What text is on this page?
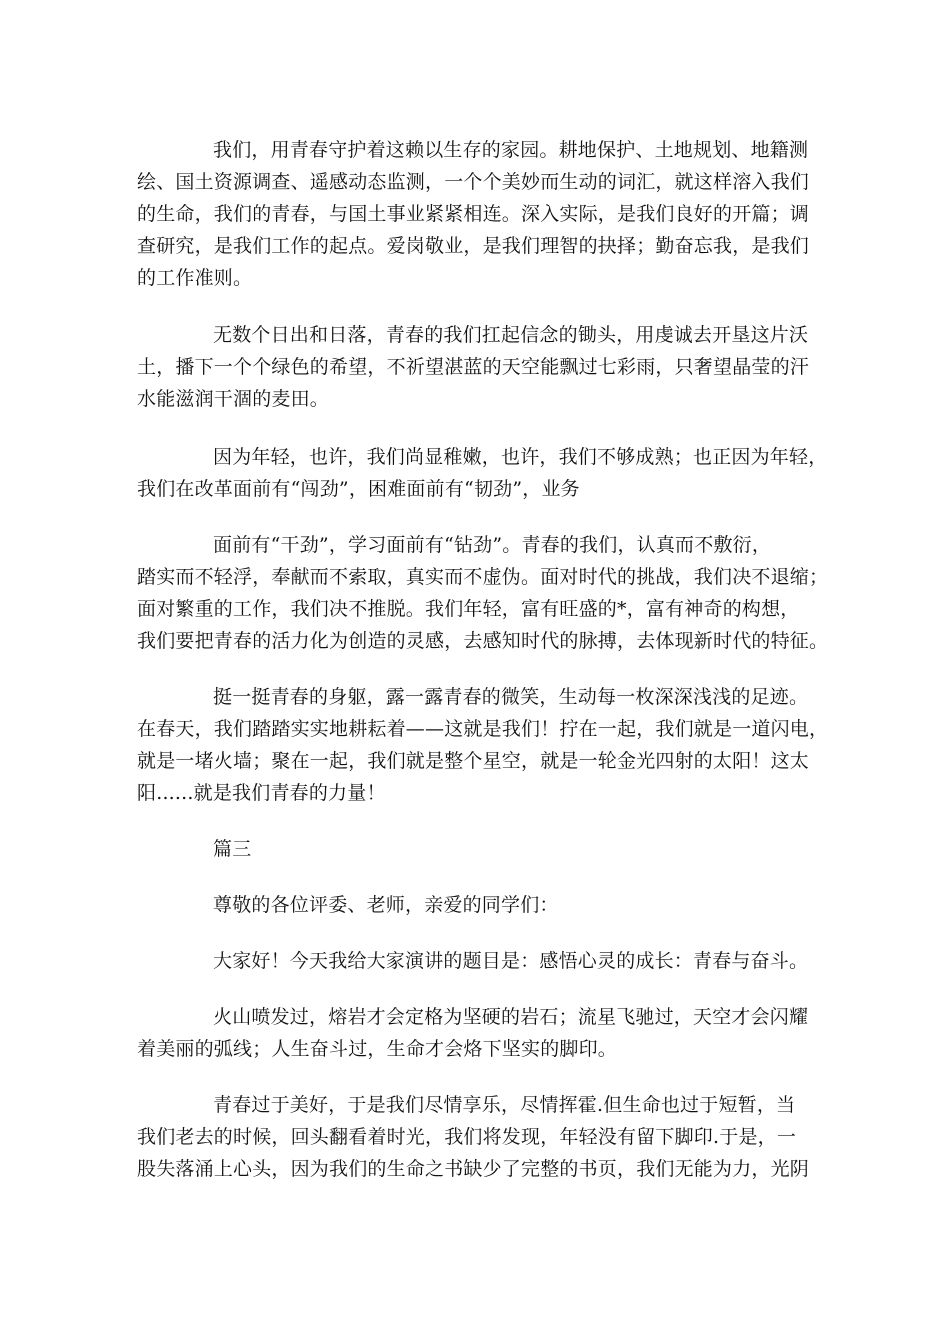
我们，用青春守护着这赖以生存的家园。耕地保护、土地规划、地籍测

绘、国土资源调查、遥感动态监测，一个个美妙而生动的词汇，就这样溶入我们

的生命，我们的青春，与国土事业紧紧相连。深入实际，是我们良好的开篇；调

查研究，是我们工作的起点。爱岗敬业，是我们理智的抉择；勤奋忘我，是我们

的工作准则。

无数个日出和日落，青春的我们扛起信念的锄头，用虔诚去开垦这片沃

土，播下一个个绿色的希望，不祈望湛蓝的天空能飘过七彩雨，只奢望晶莹的汗

水能滋润干涸的麦田。

因为年轻，也许，我们尚显稚嫩，也许，我们不够成熟；也正因为年轻，

我们在改革面前有“闯劲”，困难面前有“韧劲”，业务

面前有“干劲”，学习面前有“钻劲”。青春的我们，认真而不敷衍，

踏实而不轻浮，奉献而不索取，真实而不虚伪。面对时代的挑战，我们决不退缩；

面对繁重的工作，我们决不推脱。我们年轻，富有旺盛的*，富有神奇的构想，

我们要把青春的活力化为创造的灵感，去感知时代的脉搏，去体现新时代的特征。

挺一挺青春的身躯，露一露青春的微笑，生动每一枚深深浅浅的足迹。

在春天，我们踏踏实实地耕耘着——这就是我们！拧在一起，我们就是一道闪电，

就是一堵火墙；聚在一起，我们就是整个星空，就是一轮金光四射的太阳！这太

阳......就是我们青春的力量！

篇三

尊敬的各位评委、老师，亲爱的同学们：

大家好！今天我给大家演讲的题目是：感悟心灵的成长：青春与奋斗。

火山喷发过，熔岩才会定格为坚硬的岩石；流星飞驰过，天空才会闪耀

着美丽的弧线；人生奋斗过，生命才会烙下坚实的脚印。

青春过于美好，于是我们尽情享乐，尽情挥霍.但生命也过于短暂，当

我们老去的时候，回头翻看着时光，我们将发现，年轻没有留下脚印.于是，一

股失落涌上心头，因为我们的生命之书缺少了完整的书页，我们无能为力，光阴
